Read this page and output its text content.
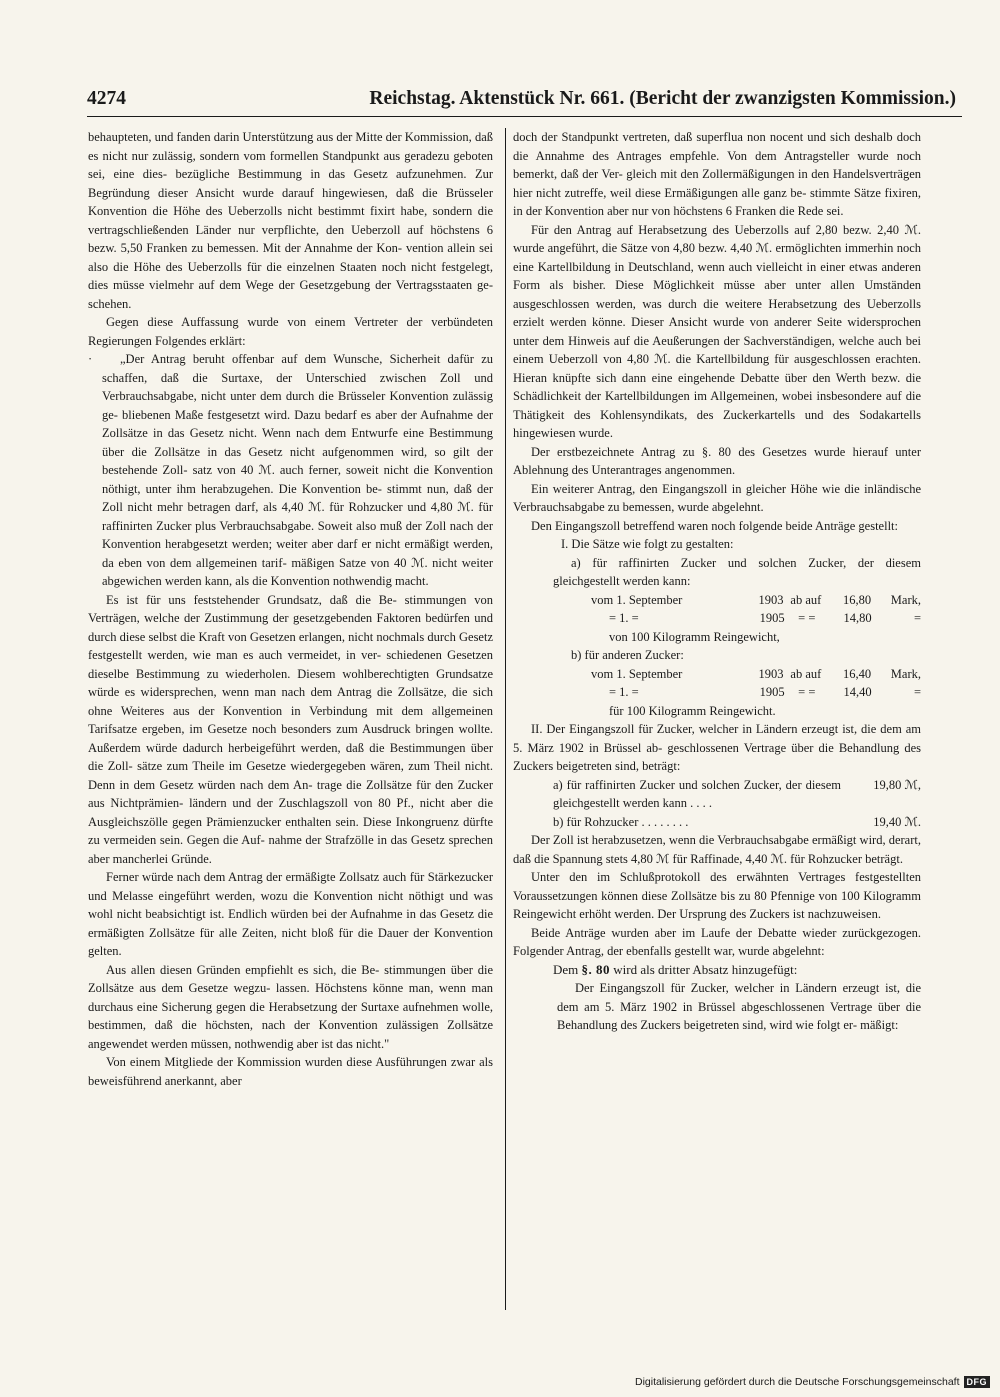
4274	Reichstag. Aktenstück Nr. 661. (Bericht der zwanzigsten Kommission.)

behaupteten, und fanden darin Unterstützung aus der Mitte der Kommission, daß es nicht nur zulässig, sondern vom formellen Standpunkt aus geradezu geboten sei, eine dies- bezügliche Bestimmung in das Gesetz aufzunehmen. Zur Begründung dieser Ansicht wurde darauf hingewiesen, daß die Brüsseler Konvention die Höhe des Ueberzolls nicht bestimmt fixirt habe, sondern die vertragschließenden Länder nur verpflichte, den Ueberzoll auf höchstens 6 bezw. 5,50 Franken zu bemessen. Mit der Annahme der Kon- vention allein sei also die Höhe des Ueberzolls für die einzelnen Staaten noch nicht festgelegt, dies müsse vielmehr auf dem Wege der Gesetzgebung der Vertragsstaaten ge- schehen.

Gegen diese Auffassung wurde von einem Vertreter der verbündeten Regierungen Folgendes erklärt:

· „Der Antrag beruht offenbar auf dem Wunsche, Sicherheit dafür zu schaffen, daß die Surtaxe, der Unterschied zwischen Zoll und Verbrauchsabgabe, nicht unter dem durch die Brüsseler Konvention zulässig ge- bliebenen Maße festgesetzt wird. Dazu bedarf es aber der Aufnahme der Zollsätze in das Gesetz nicht. Wenn nach dem Entwurfe eine Bestimmung über die Zollsätze in das Gesetz nicht aufgenommen wird, so gilt der bestehende Zoll- satz von 40 ℳ. auch ferner, soweit nicht die Konvention nöthigt, unter ihm herabzugehen. Die Konvention be- stimmt nun, daß der Zoll nicht mehr betragen darf, als 4,40 ℳ. für Rohzucker und 4,80 ℳ. für raffinirten Zucker plus Verbrauchsabgabe. Soweit also muß der Zoll nach der Konvention herabgesetzt werden; weiter aber darf er nicht ermäßigt werden, da eben von dem allgemeinen tarif- mäßigen Satze von 40 ℳ. nicht weiter abgewichen werden kann, als die Konvention nothwendig macht.

Es ist für uns feststehender Grundsatz, daß die Be- stimmungen von Verträgen, welche der Zustimmung der gesetzgebenden Faktoren bedürfen und durch diese selbst die Kraft von Gesetzen erlangen, nicht nochmals durch Gesetz festgestellt werden, wie man es auch vermeidet, in ver- schiedenen Gesetzen dieselbe Bestimmung zu wiederholen. Diesem wohlberechtigten Grundsatze würde es widersprechen, wenn man nach dem Antrag die Zollsätze, die sich ohne Weiteres aus der Konvention in Verbindung mit dem allgemeinen Tarifsatze ergeben, im Gesetze noch besonders zum Ausdruck bringen wollte. Außerdem würde dadurch herbeigeführt werden, daß die Bestimmungen über die Zoll- sätze zum Theile im Gesetze wiedergegeben wären, zum Theil nicht. Denn in dem Gesetz würden nach dem An- trage die Zollsätze für den Zucker aus Nichtprämien- ländern und der Zuschlagszoll von 80 Pf., nicht aber die Ausgleichszölle gegen Prämienzucker enthalten sein. Diese Inkongruenz dürfte zu vermeiden sein. Gegen die Auf- nahme der Strafzölle in das Gesetz sprechen aber mancherlei Gründe.

Ferner würde nach dem Antrag der ermäßigte Zollsatz auch für Stärkezucker und Melasse eingeführt werden, wozu die Konvention nicht nöthigt und was wohl nicht beabsichtigt ist. Endlich würden bei der Aufnahme in das Gesetz die ermäßigten Zollsätze für alle Zeiten, nicht bloß für die Dauer der Konvention gelten.

Aus allen diesen Gründen empfiehlt es sich, die Be- stimmungen über die Zollsätze aus dem Gesetze wegzu- lassen. Höchstens könne man, wenn man durchaus eine Sicherung gegen die Herabsetzung der Surtaxe aufnehmen wolle, bestimmen, daß die höchsten, nach der Konvention zulässigen Zollsätze angewendet werden müssen, nothwendig aber ist das nicht."

Von einem Mitgliede der Kommission wurden diese Ausführungen zwar als beweisführend anerkannt, aber

doch der Standpunkt vertreten, daß superflua non nocent und sich deshalb doch die Annahme des Antrages empfehle. Von dem Antragsteller wurde noch bemerkt, daß der Ver- gleich mit den Zollermäßigungen in den Handelsverträgen hier nicht zutreffe, weil diese Ermäßigungen alle ganz be- stimmte Sätze fixiren, in der Konvention aber nur von höchstens 6 Franken die Rede sei.

Für den Antrag auf Herabsetzung des Ueberzolls auf 2,80 bezw. 2,40 ℳ. wurde angeführt, die Sätze von 4,80 bezw. 4,40 ℳ. ermöglichten immerhin noch eine Kartellbildung in Deutschland, wenn auch vielleicht in einer etwas anderen Form als bisher. Diese Möglichkeit müsse aber unter allen Umständen ausgeschlossen werden, was durch die weitere Herabsetzung des Ueberzolls erzielt werden könne. Dieser Ansicht wurde von anderer Seite widersprochen unter dem Hinweis auf die Aeußerungen der Sachverständigen, welche auch bei einem Ueberzoll von 4,80 ℳ. die Kartellbildung für ausgeschlossen erachten. Hieran knüpfte sich dann eine eingehende Debatte über den Werth bezw. die Schädlichkeit der Kartellbildungen im Allgemeinen, wobei insbesondere auf die Thätigkeit des Kohlensyndikats, des Zuckerkartells und des Sodakartells hingewiesen wurde.

Der erstbezeichnete Antrag zu §. 80 des Gesetzes wurde hierauf unter Ablehnung des Unterantrages angenommen.

Ein weiterer Antrag, den Eingangszoll in gleicher Höhe wie die inländische Verbrauchsabgabe zu bemessen, wurde abgelehnt.

Den Eingangszoll betreffend waren noch folgende beide Anträge gestellt:

I. Die Sätze wie folgt zu gestalten:

a) für raffinirten Zucker und solchen Zucker, der diesem gleichgestellt werden kann:

vom 1. September	1903 ab auf	16,80	Mark,
= 1. =	1905	= =	14,80	=

von 100 Kilogramm Reingewicht,

b) für anderen Zucker:

vom 1. September	1903 ab auf	16,40	Mark,
= 1. =	1905	= =	14,40	=

für 100 Kilogramm Reingewicht.

II. Der Eingangszoll für Zucker, welcher in Ländern erzeugt ist, die dem am 5. März 1902 in Brüssel ab- geschlossenen Vertrage über die Behandlung des Zuckers beigetreten sind, beträgt:

a) für raffinirten Zucker und solchen Zucker, der diesem gleichgestellt werden kann . . . .
19,80 ℳ,
b) für Rohzucker . . . . . . . .	19,40 ℳ.

Der Zoll ist herabzusetzen, wenn die Verbrauchsabgabe ermäßigt wird, derart, daß die Spannung stets 4,80 ℳ für Raffinade, 4,40 ℳ. für Rohzucker beträgt.

Unter den im Schlußprotokoll des erwähnten Vertrages festgestellten Voraussetzungen können diese Zollsätze bis zu 80 Pfennige von 100 Kilogramm Reingewicht erhöht werden. Der Ursprung des Zuckers ist nachzuweisen.

Beide Anträge wurden aber im Laufe der Debatte wieder zurückgezogen. Folgender Antrag, der ebenfalls gestellt war, wurde abgelehnt:

Dem §. 80 wird als dritter Absatz hinzugefügt:

Der Eingangszoll für Zucker, welcher in Ländern erzeugt ist, die dem am 5. März 1902 in Brüssel abgeschlossenen Vertrage über die Behandlung des Zuckers beigetreten sind, wird wie folgt er- mäßigt:

Digitalisierung gefördert durch die Deutsche Forschungsgemeinschaft DFG
